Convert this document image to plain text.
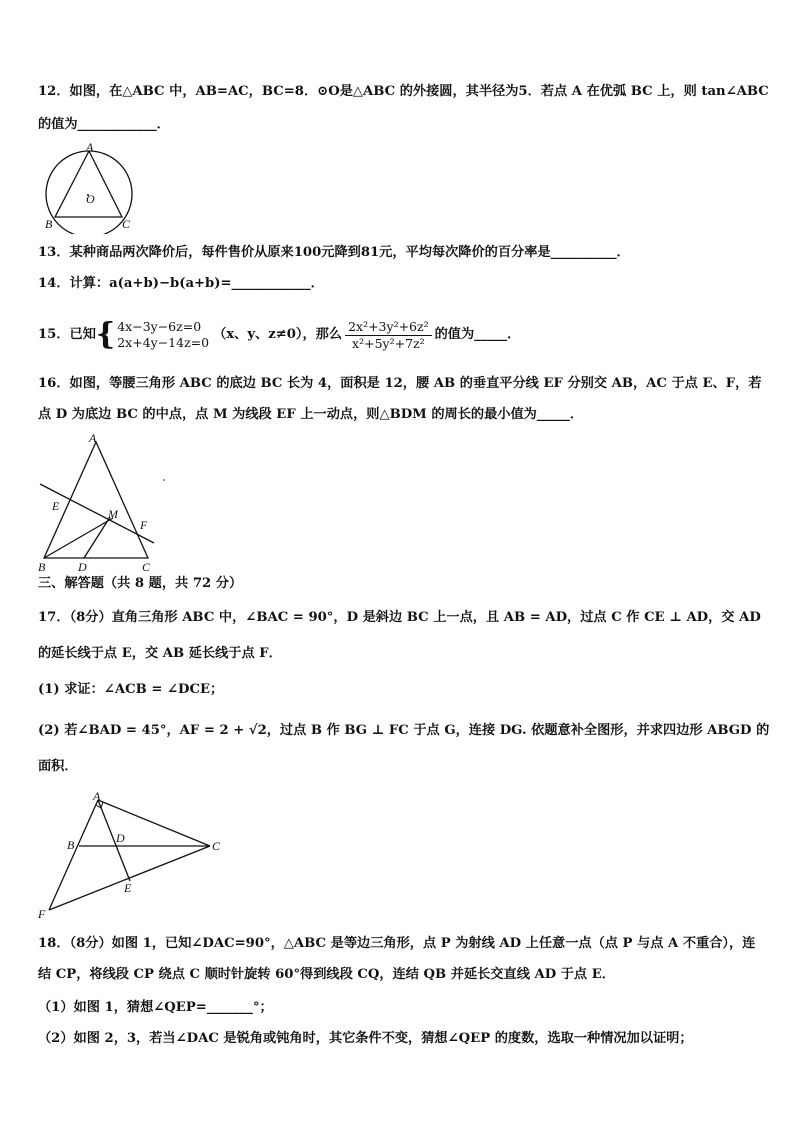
12．如图，在△ABC 中，AB=AC，BC=8．⊙O是△ABC 的外接圆，其半径为5．若点 A 在优弧 BC 上，则 tan∠ABC
的值为____________．
A
B	C
O
13．某种商品两次降价后，每件售价从原来100元降到81元，平均每次降价的百分率是__________．
14．计算：a(a+b)−b(a+b)=____________．
15．已知 { 4x−3y−6z=0
2x+4y−14z=0
（x、y、z≠0），那么 $\frac{\text{2x²+3y²+6z²}}{\text{x²+5y²+7z²}}$ 的值为_____．
16．如图，等腰三角形 ABC 的底边 BC 长为 4，面积是 12，腰 AB 的垂直平分线 EF 分别交 AB，AC 于点 E、F，若
点 D 为底边 BC 的中点，点 M 为线段 EF 上一动点，则△BDM 的周长的最小值为_____．
A
B	C
D
E
F
M
三、解答题（共 8 题，共 72 分）
17．（8分）直角三角形 ABC 中，∠BAC = 90°，D 是斜边 BC 上一点，且 AB = AD，过点 C 作 CE ⊥ AD，交 AD
的延长线于点 E，交 AB 延长线于点 F．
(1) 求证：∠ACB = ∠DCE；
(2) 若∠BAD = 45°，AF = 2 + √2，过点 B 作 BG ⊥ FC 于点 G，连接 DG. 依题意补全图形，并求四边形 ABGD 的
面积．
A
B	C
D
E
F
18．（8分）如图 1，已知∠DAC=90°，△ABC 是等边三角形，点 P 为射线 AD 上任意一点（点 P 与点 A 不重合），连
结 CP，将线段 CP 绕点 C 顺时针旋转 60°得到线段 CQ，连结 QB 并延长交直线 AD 于点 E．
（1）如图 1，猜想∠QEP=_______°；
（2）如图 2，3，若当∠DAC 是锐角或钝角时，其它条件不变，猜想∠QEP 的度数，选取一种情况加以证明；
